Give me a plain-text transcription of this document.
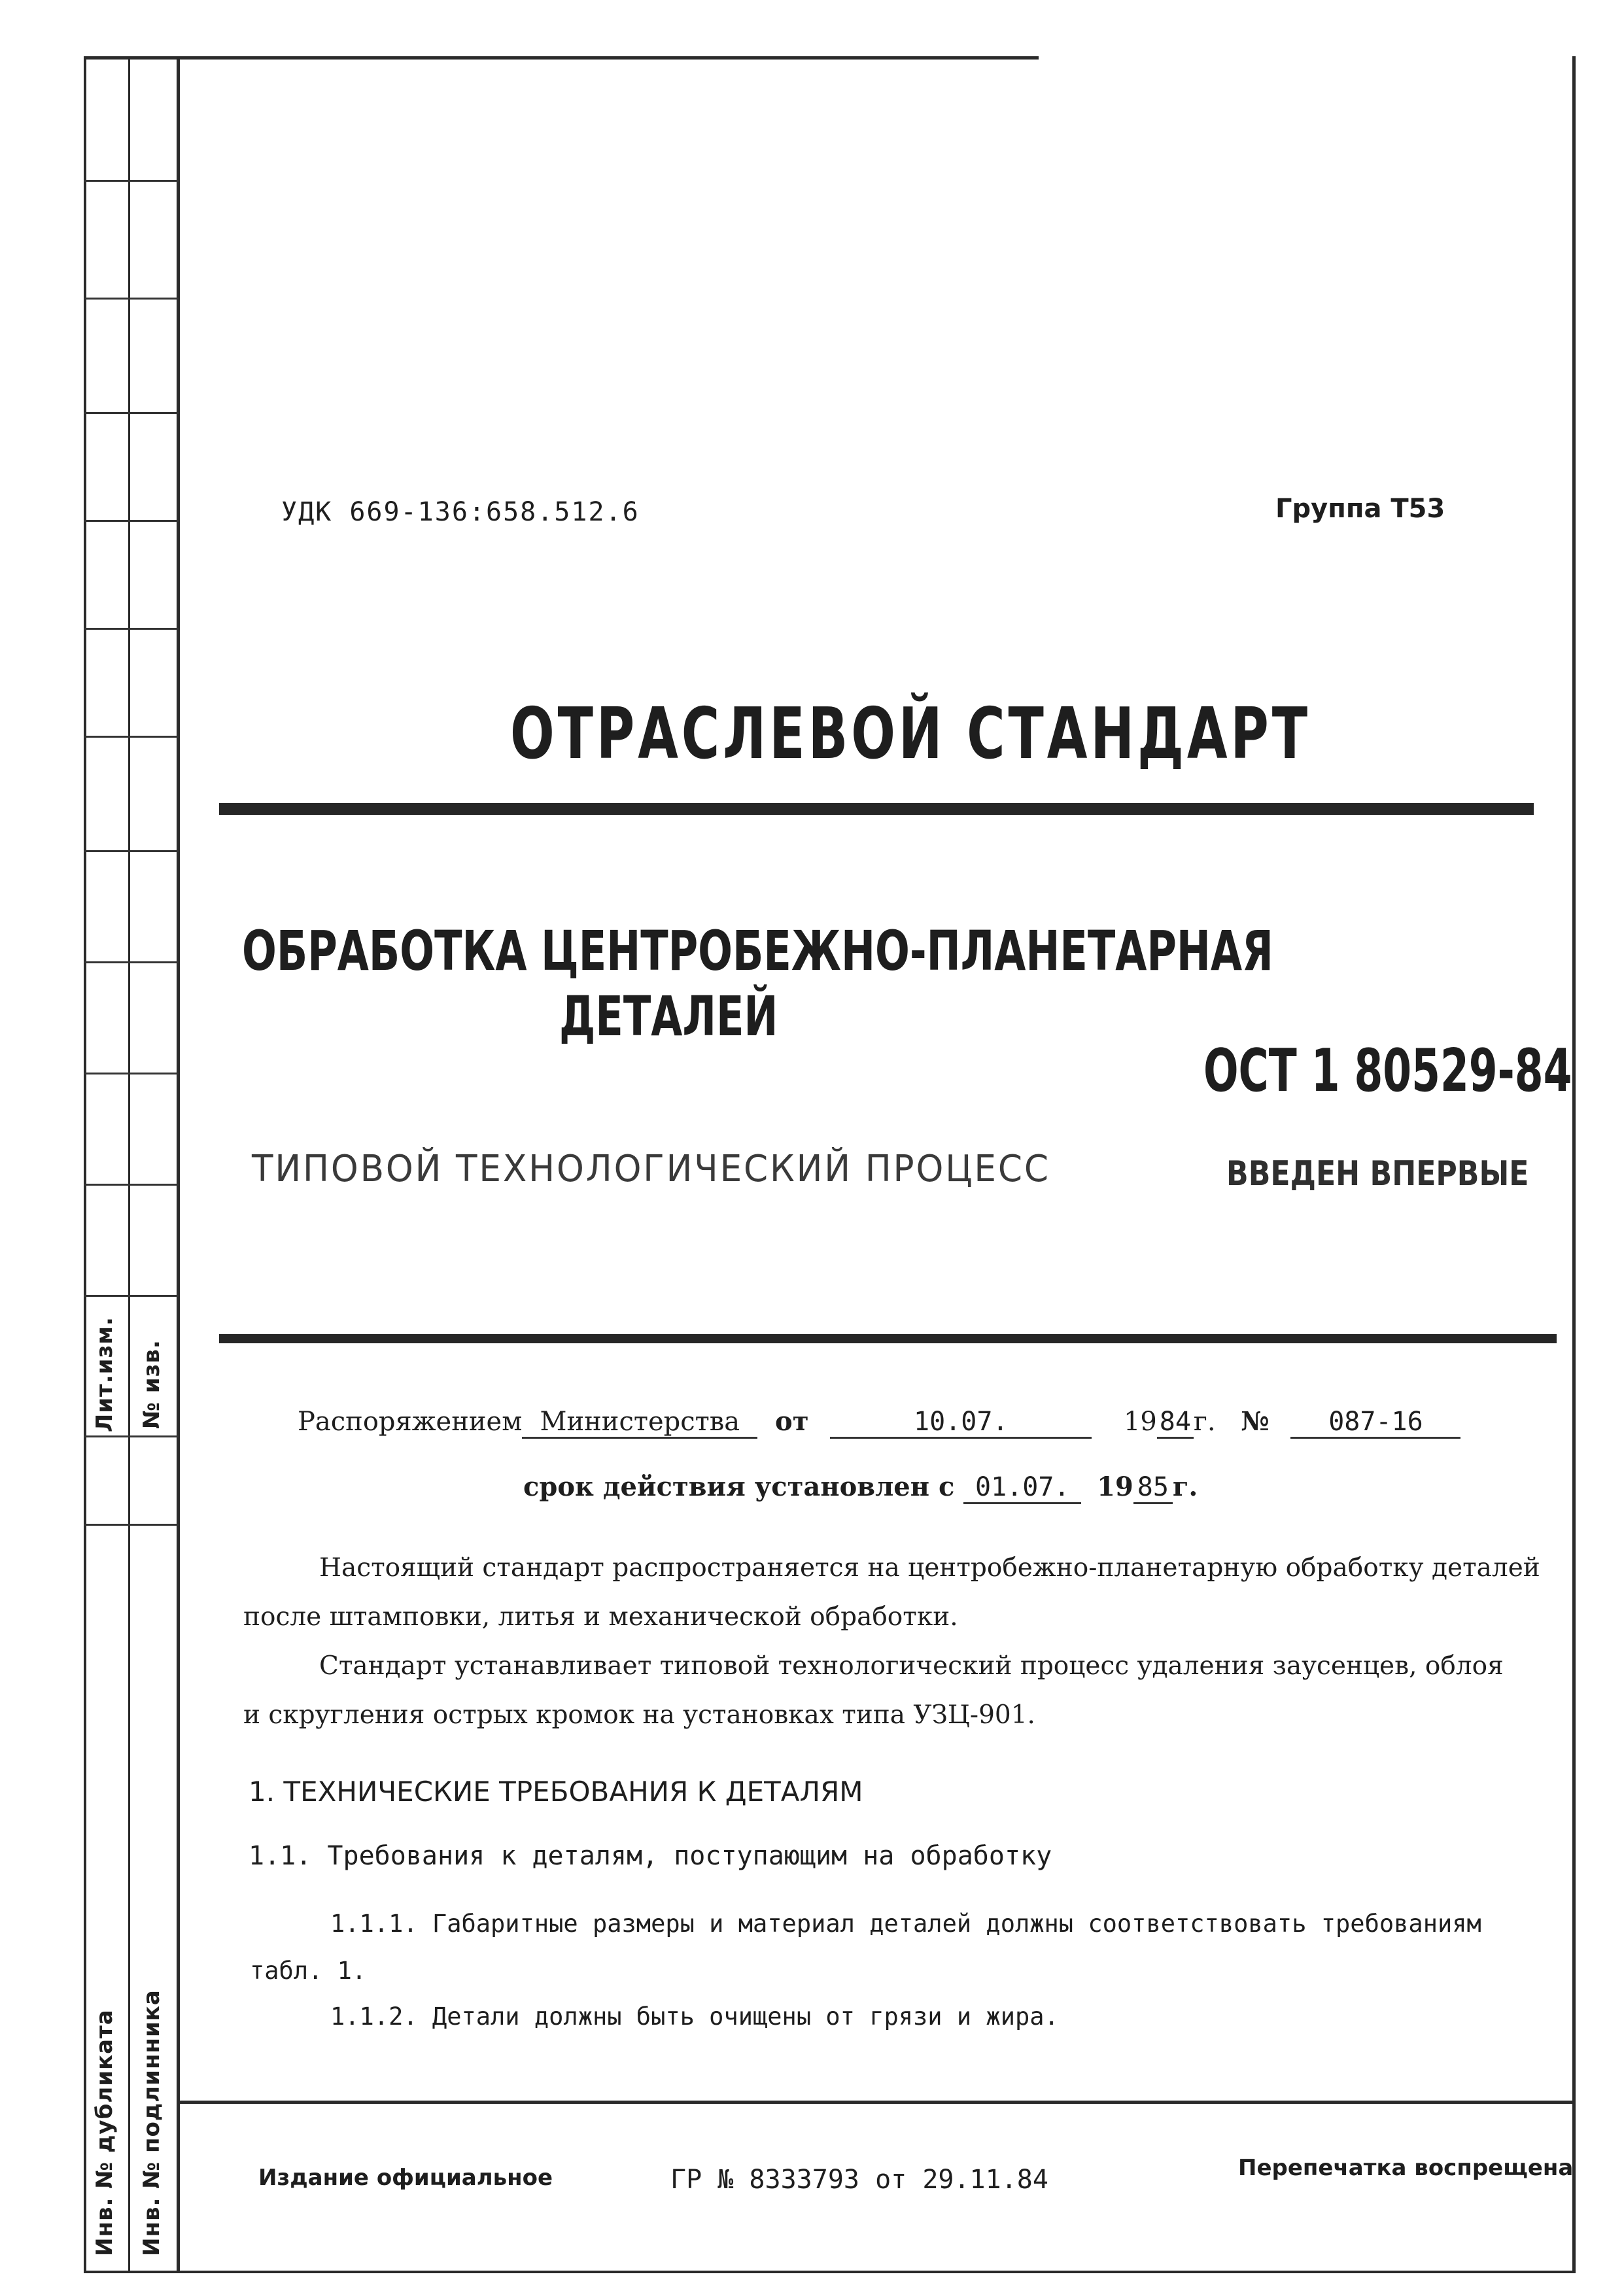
Лит.изм. № изв.
Инв. № дубликата Инв. № подлинника
УДК 669-136:658.512.6	Группа Т53
ОТРАСЛЕВОЙ СТАНДАРТ
ОБРАБОТКА ЦЕНТРОБЕЖНО-ПЛАНЕТАРНАЯ
ДЕТАЛЕЙ
ОСТ 1 80529-84
ТИПОВОЙ ТЕХНОЛОГИЧЕСКИЙ ПРОЦЕСС	ВВЕДЕН ВПЕРВЫЕ
Распоряжением Министерства от	10.07.	1984г. № 087-16
срок действия установлен с 01.07. 19 85 г.
Настоящий стандарт распространяется на центробежно-планетарную обработку деталей
после штамповки, литья и механической обработки.
Стандарт устанавливает типовой технологический процесс удаления заусенцев, облоя
и скругления острых кромок на установках типа УЗЦ-901.
1. ТЕХНИЧЕСКИЕ ТРЕБОВАНИЯ К ДЕТАЛЯМ
1.1. Требования к деталям, поступающим на обработку
1.1.1. Габаритные размеры и материал деталей должны соответствовать требованиям
табл. 1.
1.1.2. Детали должны быть очищены от грязи и жира.
Издание официальное	ГР № 8333793 от 29.11.84	Перепечатка воспрещена
